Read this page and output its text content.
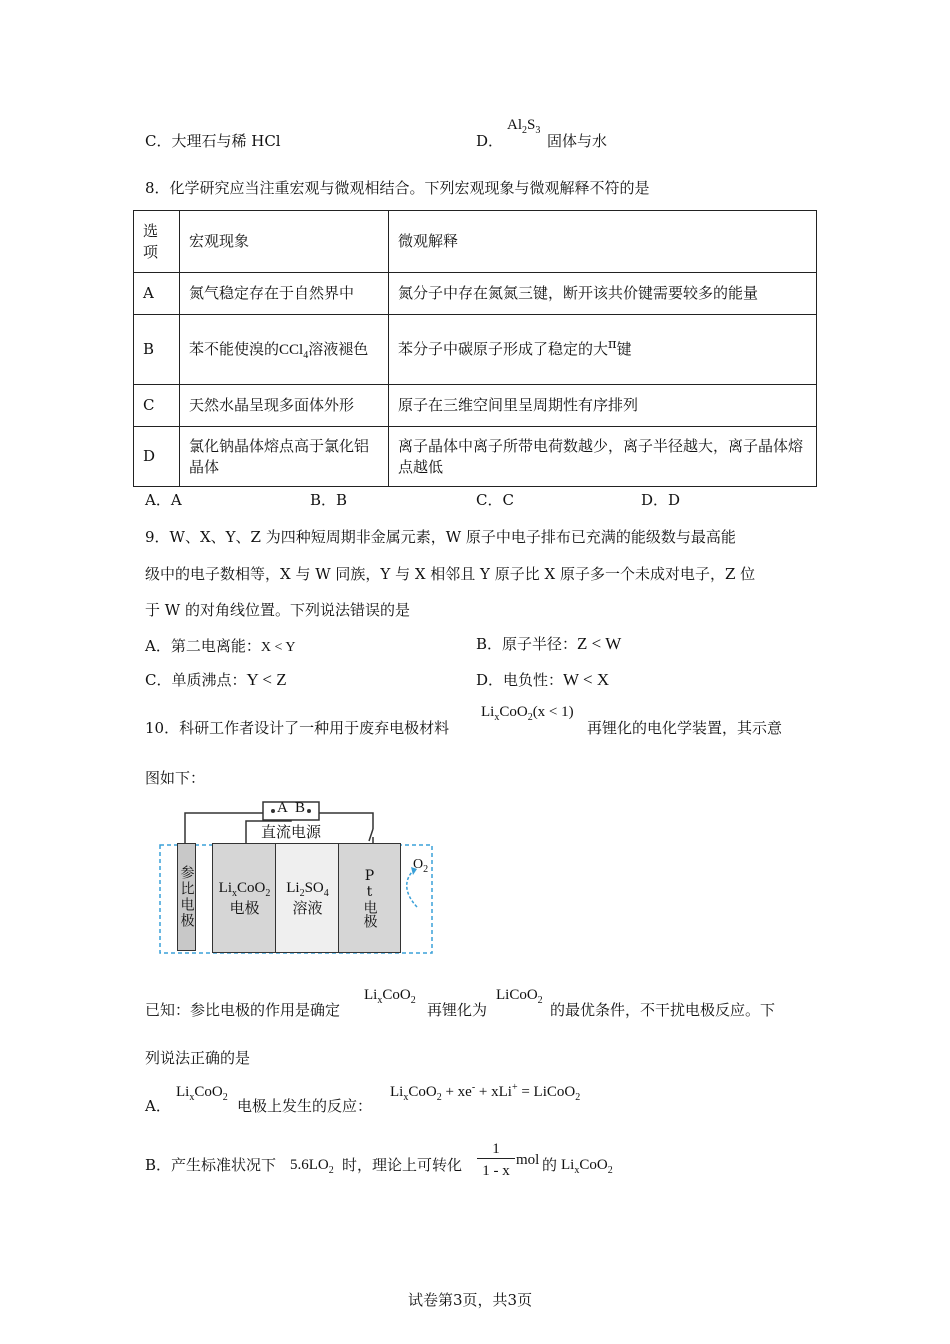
C．大理石与稀 HCl	D．
$Al_2S_3$
固体与水
8．化学研究应当注重宏观与微观相结合。下列宏观现象与微观解释不符的是
选项	宏观现象	微观解释
A	氮气稳定存在于自然界中	氮分子中存在氮氮三键，断开该共价键需要较多的能量
B	苯不能使溴的CCl$_4$溶液褪色	苯分子中碳原子形成了稳定的大$^\pi$键
C	天然水晶呈现多面体外形	原子在三维空间里呈周期性有序排列
D	氯化钠晶体熔点高于氯化铝晶体	离子晶体中离子所带电荷数越少，离子半径越大，离子晶体熔点越低
A．A	B．B	C．C	D．D
9．W、X、Y、Z 为四种短周期非金属元素，W 原子中电子排布已充满的能级数与最高能
级中的电子数相等，X 与 W 同族，Y 与 X 相邻且 Y 原子比 X 原子多一个未成对电子，Z 位
于 W 的对角线位置。下列说法错误的是
A．第二电离能：X < Y	B．原子半径：Z < W
C．单质沸点：Y < Z	D．电负性：W < X
10．科研工作者设计了一种用于废弃电极材料
$Li_xCoO_2(x < 1)$
再锂化的电化学装置，其示意
图如下：
A B
直流电源
参比电极 $Li_xCoO_2$
电极
$Li_2SO_4$
溶液	Pt电极
$O_2$
已知：参比电极的作用是确定
$Li_xCoO_2$
再锂化为
LiCoO$_2$
的最优条件，不干扰电极反应。下
列说法正确的是
A．
$Li_xCoO_2$ 电极上发生的反应：
$Li_xCoO_2 + xe^- + xLi^+$ = LiCoO$_2$
B．产生标准状况下 $5.6LO_2$ 时，理论上可转化
1
1 - x
mol 的 $Li_xCoO_2$
试卷第3页，共3页
